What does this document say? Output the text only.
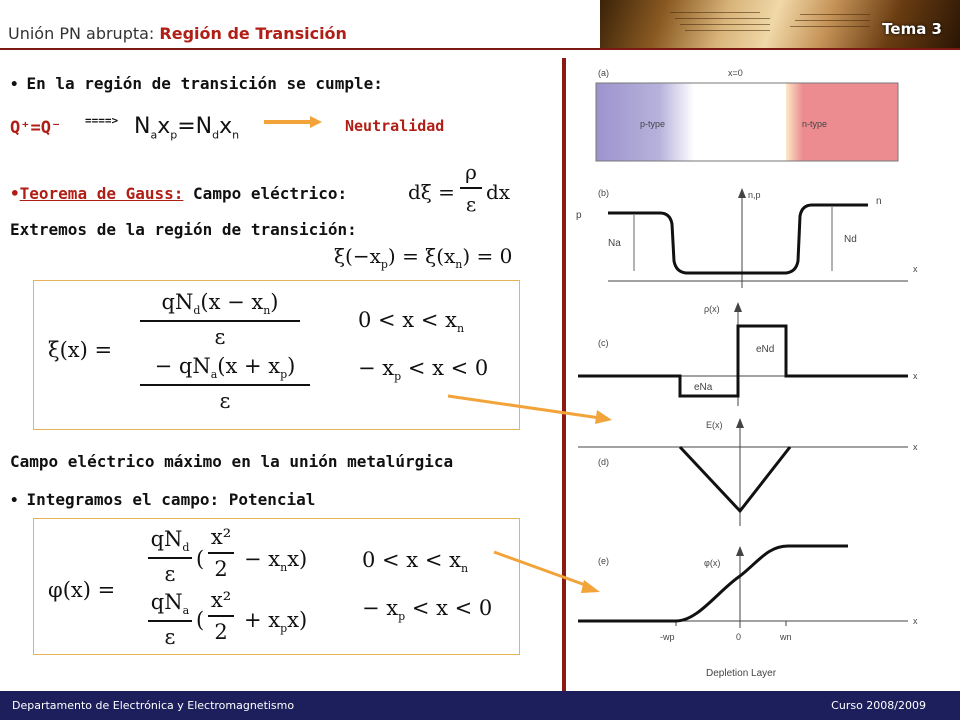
Unión PN abrupta: Región de Transición	Tema 3
• En la región de transición se cumple:
Q⁺=Q⁻ ====> $N_ax_p=N_dx_n$	Neutralidad
•Teorema de Gauss: Campo eléctrico:	dξ =
ρ
ε dx
Extremos de la región de transición:
$\xi(-x_p) = \xi(x_n) = 0$
ξ(x) =
$qN_d(x - x_n)$
ε
$0 < x < x_n$
− $qN_a(x + x_p)$
ε
− $x_p < x < 0$
Campo eléctrico máximo en la unión metalúrgica
• Integramos el campo: Potencial
φ(x) =
$qN_d$
ε
(
x²
$2 - x_nx$)	$0 < x < x_n$
$qN_a$
ε
(
x²
$2 + x_px$)	− $x_p < x < 0$
(a)	x=0
p-type	n-type
(b)	n,p
p
n
x
Na	Nd
(c)
ρ(x)
x
eNd
eNa
(d)
E(x)
x
(e)	φ(x)
x
-wp	0	wn
Depletion Layer
Departamento de Electrónica y Electromagnetismo	Curso 2008/2009
